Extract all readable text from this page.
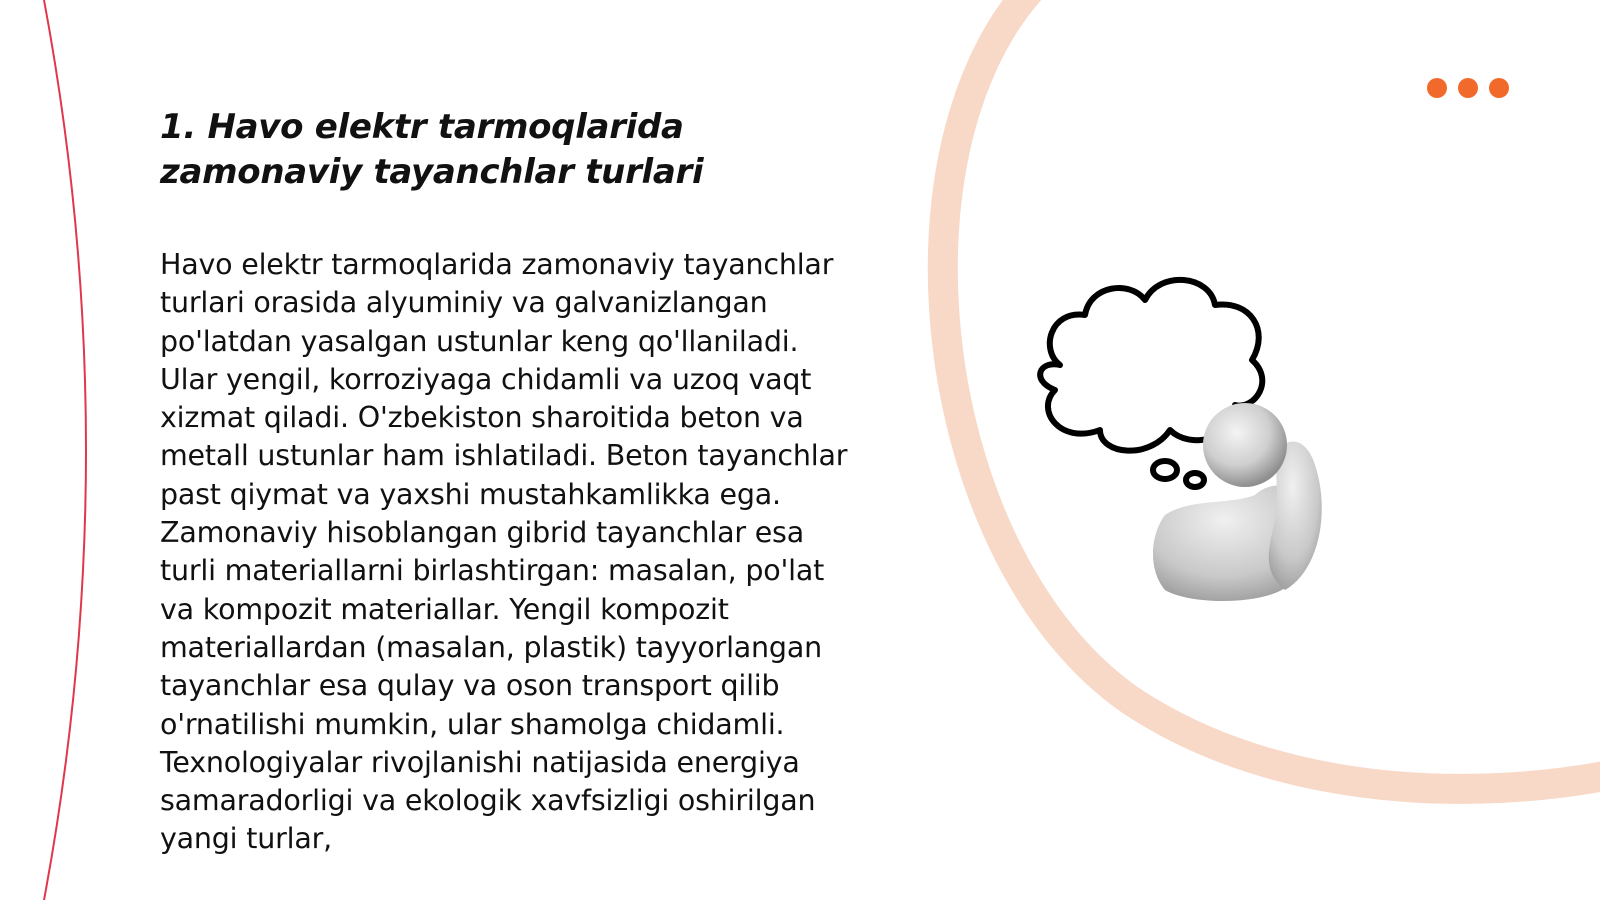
1. Havo elektr tarmoqlarida zamonaviy tayanchlar turlari

Havo elektr tarmoqlarida zamonaviy tayanchlar turlari orasida alyuminiy va galvanizlangan po'latdan yasalgan ustunlar keng qo'llaniladi. Ular yengil, korroziyaga chidamli va uzoq vaqt xizmat qiladi. O'zbekiston sharoitida beton va metall ustunlar ham ishlatiladi. Beton tayanchlar past qiymat va yaxshi mustahkamlikka ega. Zamonaviy hisoblangan gibrid tayanchlar esa turli materiallarni birlashtirgan: masalan, po'lat va kompozit materiallar. Yengil kompozit materiallardan (masalan, plastik) tayyorlangan tayanchlar esa qulay va oson transport qilib o'rnatilishi mumkin, ular shamolga chidamli. Texnologiyalar rivojlanishi natijasida energiya samaradorligi va ekologik xavfsizligi oshirilgan yangi turlar,
